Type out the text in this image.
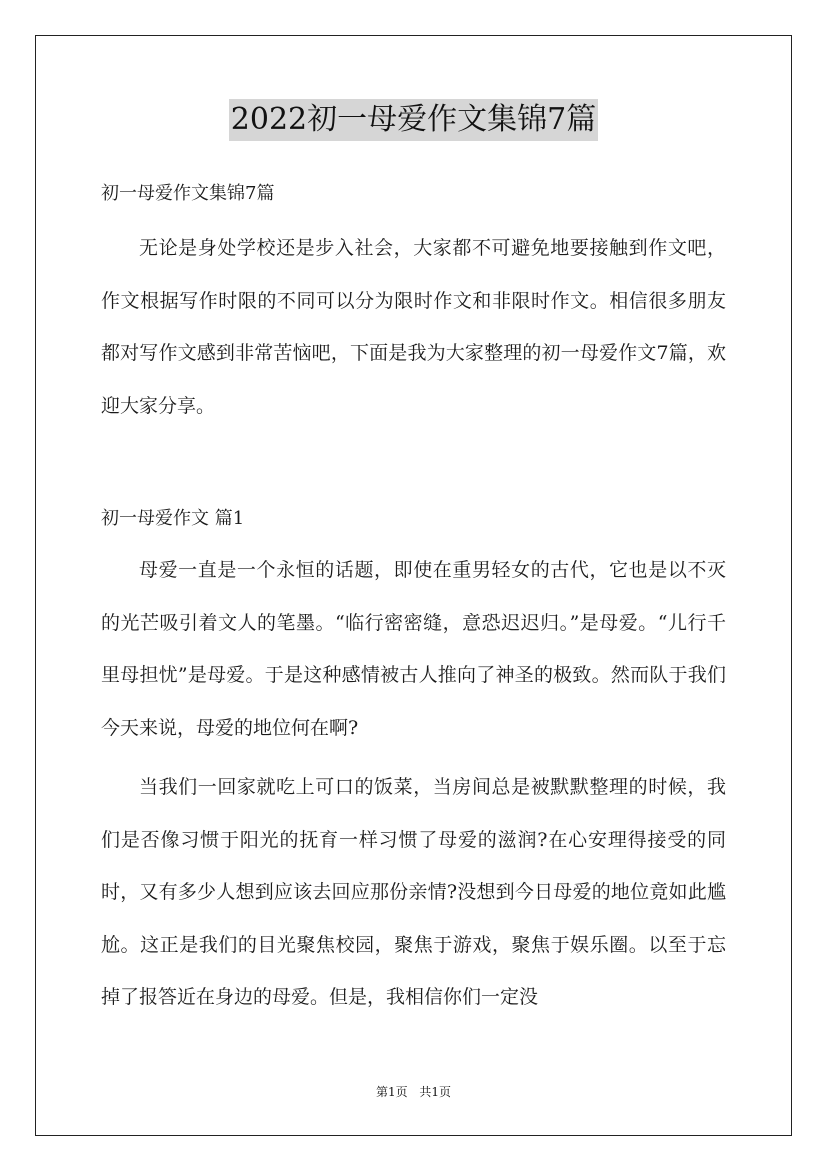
2022初一母爱作文集锦7篇
初一母爱作文集锦7篇

无论是身处学校还是步入社会，大家都不可避免地要接触到作文吧，作文根据写作时限的不同可以分为限时作文和非限时作文。相信很多朋友都对写作文感到非常苦恼吧，下面是我为大家整理的初一母爱作文7篇，欢迎大家分享。

初一母爱作文 篇1

母爱一直是一个永恒的话题，即使在重男轻女的古代，它也是以不灭的光芒吸引着文人的笔墨。“临行密密缝，意恐迟迟归。”是母爱。“儿行千里母担忧”是母爱。于是这种感情被古人推向了神圣的极致。然而队于我们今天来说，母爱的地位何在啊?

当我们一回家就吃上可口的饭菜，当房间总是被默默整理的时候，我们是否像习惯于阳光的抚育一样习惯了母爱的滋润?在心安理得接受的同时，又有多少人想到应该去回应那份亲情?没想到今日母爱的地位竟如此尴尬。这正是我们的目光聚焦校园，聚焦于游戏，聚焦于娱乐圈。以至于忘掉了报答近在身边的母爱。但是，我相信你们一定没

第1页 共1页
